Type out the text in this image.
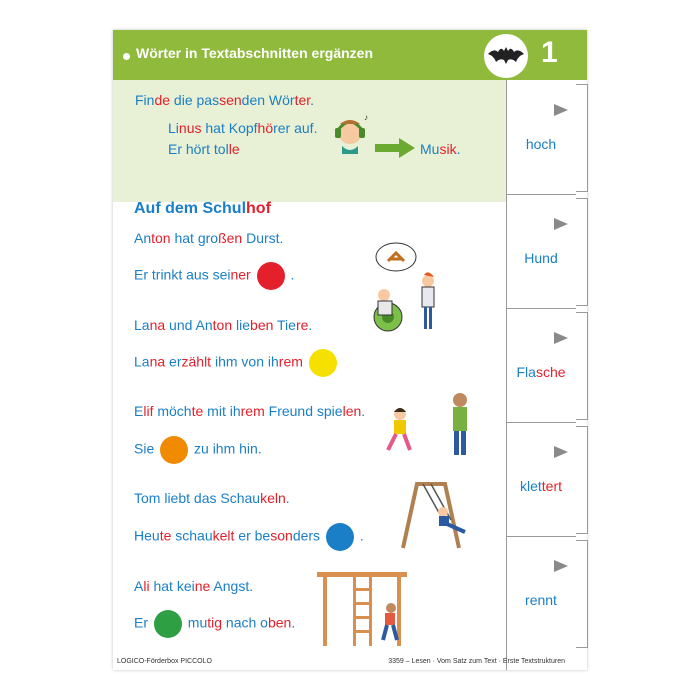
Wörter in Textabschnitten ergänzen	1
Finde die passenden Wörter.
Linus hat Kopfhörer auf.
Er hört tolle
♪
Musik.
Auf dem Schulhof
Anton hat großen Durst.
Er trinkt aus seiner	.
Lana und Anton lieben Tiere.
Lana erzählt ihm von ihrem
Elif möchte mit ihrem Freund spielen.
Sie	zu ihm hin.
Tom liebt das Schaukeln.
Heute schaukelt er besonders	.
Ali hat keine Angst.
Er	mutig nach oben.
hoch
Hund
Flasche
klettert
rennt
LOGICO-Förderbox PICCOLO	3359 – Lesen · Vom Satz zum Text · Erste Textstrukturen
